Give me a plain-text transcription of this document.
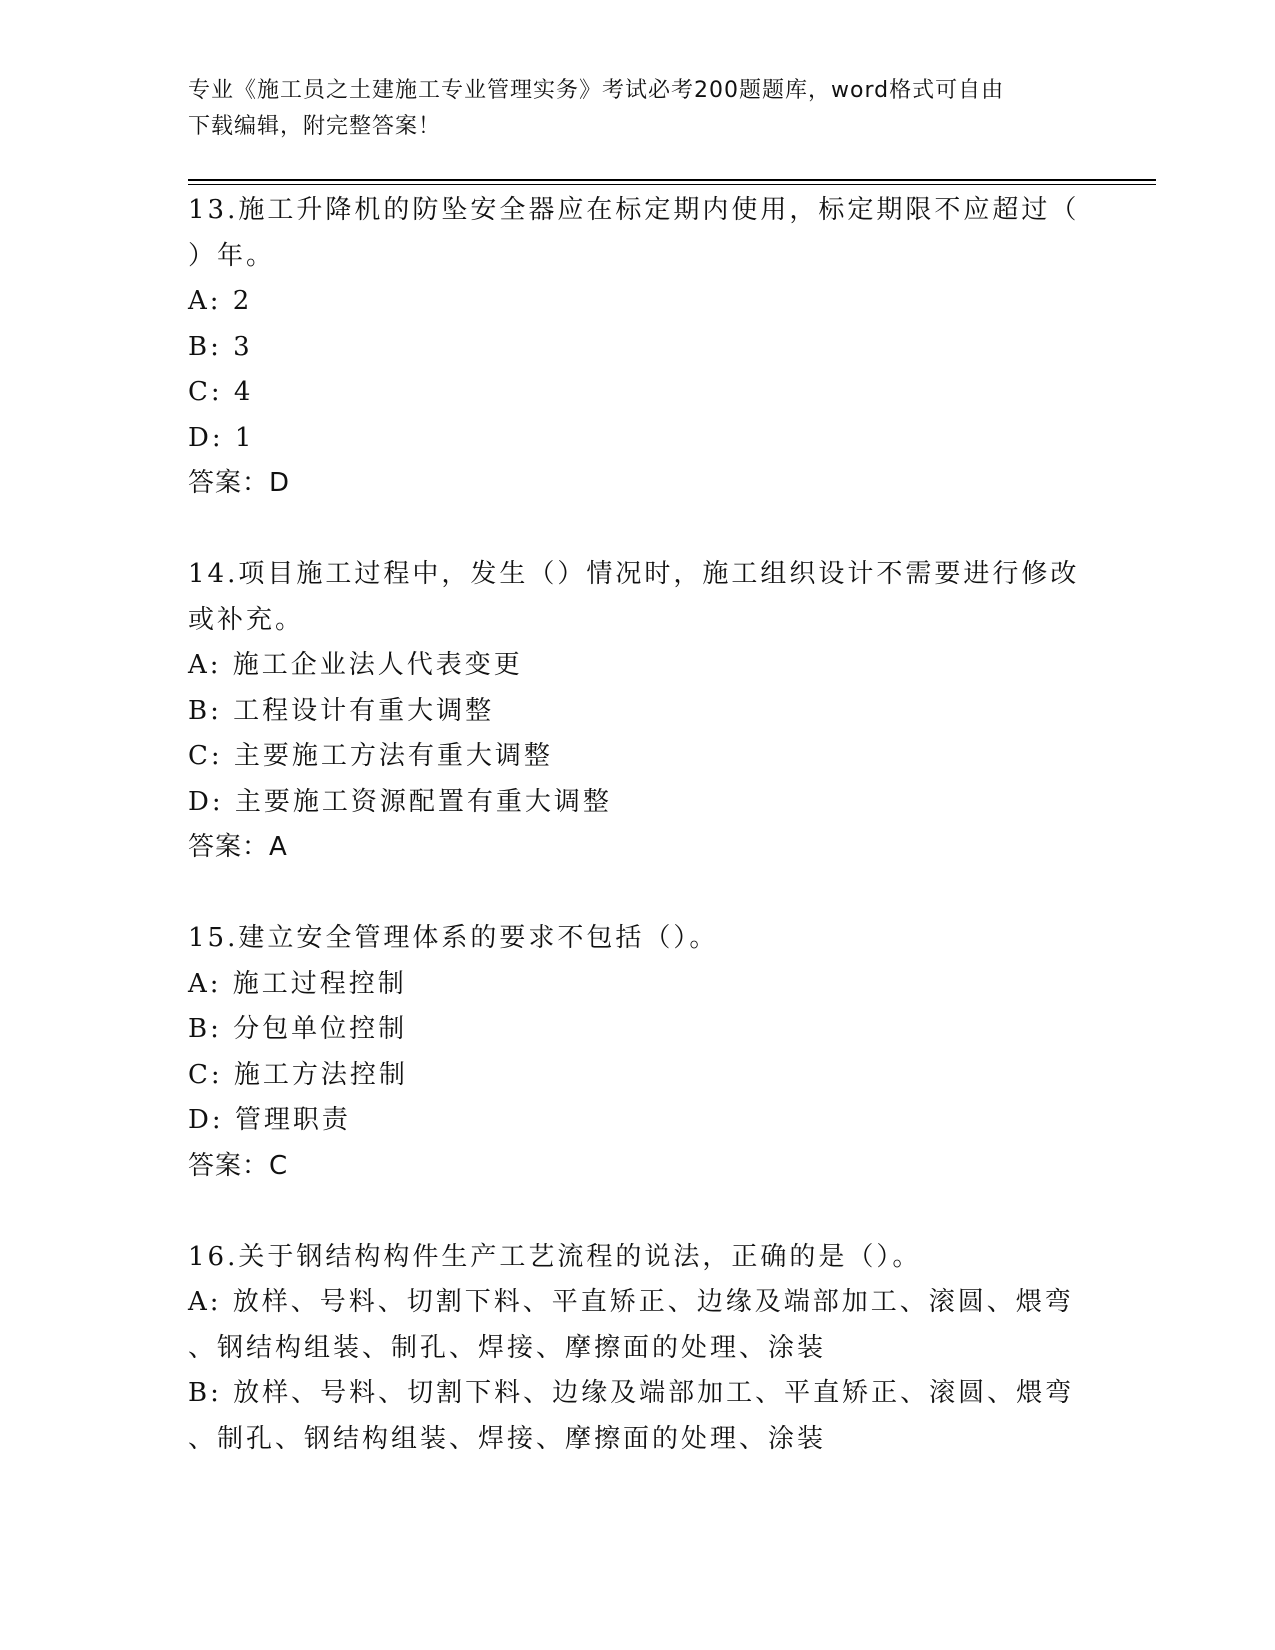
专业《施工员之土建施工专业管理实务》考试必考200题题库，word格式可自由
下载编辑，附完整答案！
13.施工升降机的防坠安全器应在标定期内使用，标定期限不应超过（
）年。
A: 2
B: 3
C: 4
D: 1
答案：D
14.项目施工过程中，发生（）情况时，施工组织设计不需要进行修改
或补充。
A: 施工企业法人代表变更
B: 工程设计有重大调整
C: 主要施工方法有重大调整
D: 主要施工资源配置有重大调整
答案：A
15.建立安全管理体系的要求不包括（）。
A: 施工过程控制
B: 分包单位控制
C: 施工方法控制
D: 管理职责
答案：C
16.关于钢结构构件生产工艺流程的说法，正确的是（）。
A: 放样、号料、切割下料、平直矫正、边缘及端部加工、滚圆、煨弯
、钢结构组装、制孔、焊接、摩擦面的处理、涂装
B: 放样、号料、切割下料、边缘及端部加工、平直矫正、滚圆、煨弯
、制孔、钢结构组装、焊接、摩擦面的处理、涂装
